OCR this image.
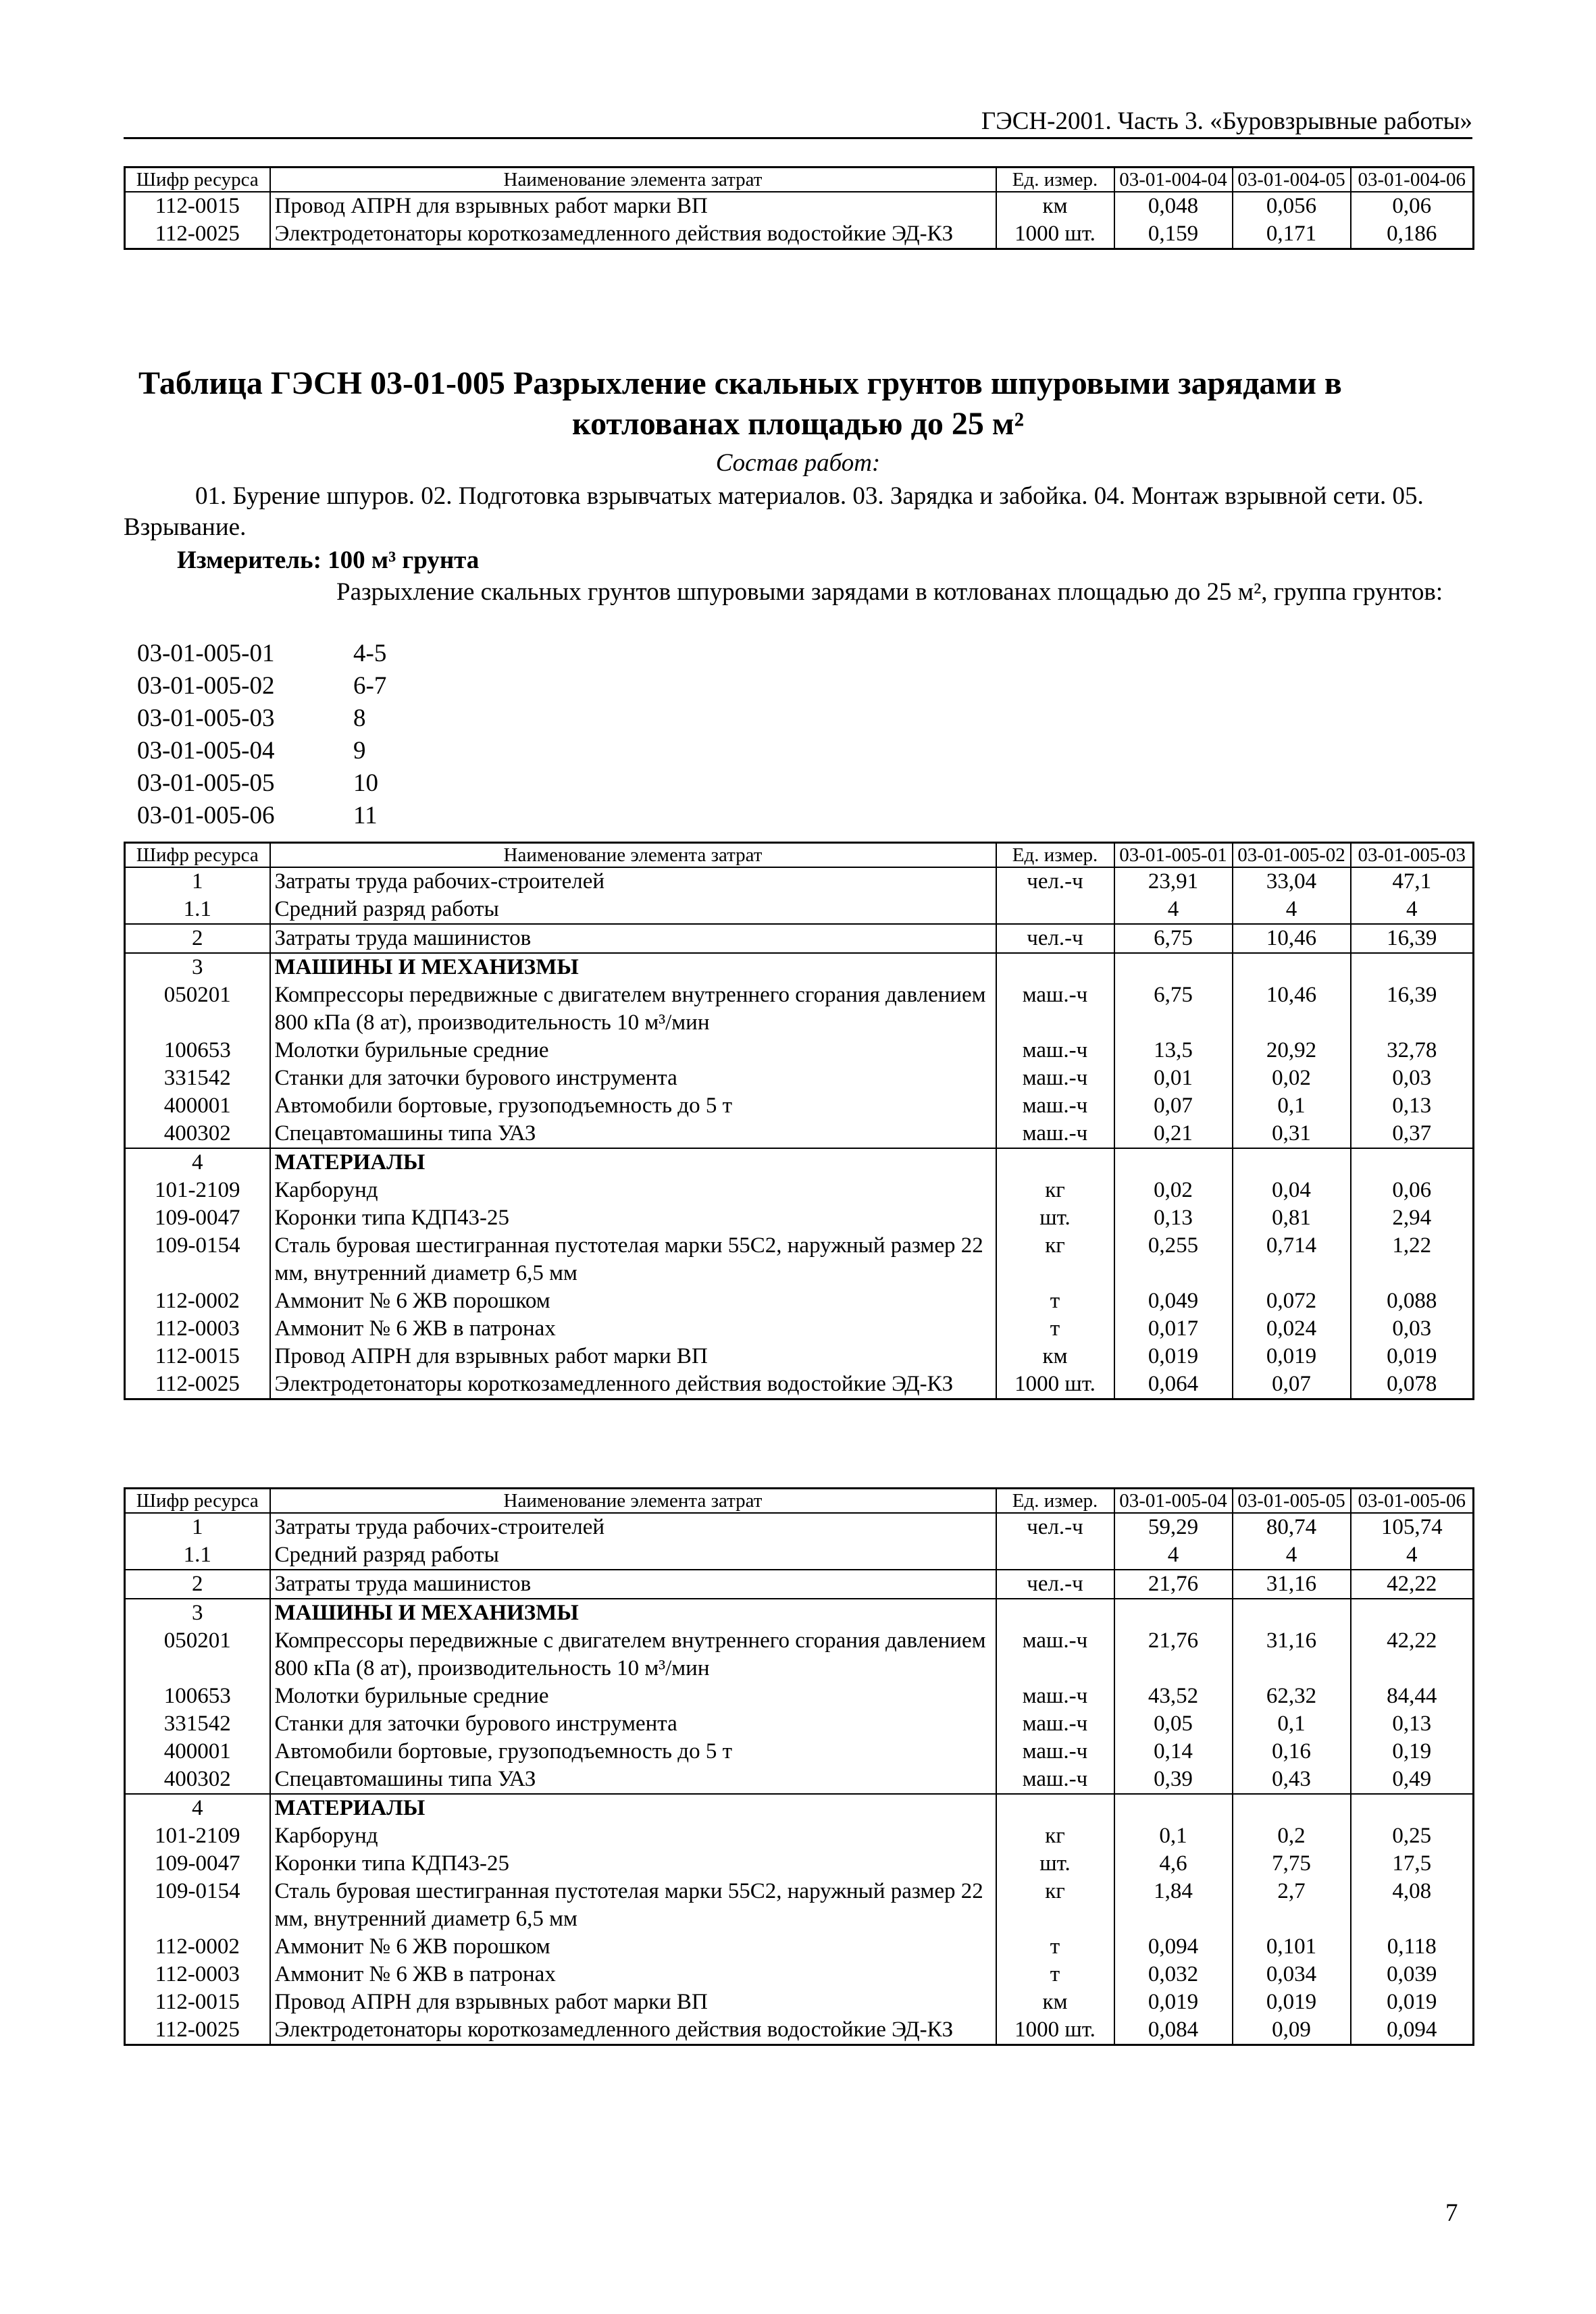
ГЭСН-2001. Часть 3. «Буровзрывные работы»
Шифр ресурса	Наименование элемента затрат	Ед. измер.	03-01-004-04	03-01-004-05	03-01-004-06
112-0015	Провод АПРН для взрывных работ марки ВП	км	0,048	0,056	0,06
112-0025	Электродетонаторы короткозамедленного действия водостойкие ЭД-КЗ	1000 шт.	0,159	0,171	0,186
Таблица ГЭСН 03-01-005 Разрыхление скальных грунтов шпуровыми зарядами в
котлованах площадью до 25 м²
Состав работ:
01. Бурение шпуров. 02. Подготовка взрывчатых материалов. 03. Зарядка и забойка. 04. Монтаж взрывной сети. 05. Взрывание.
Измеритель: 100 м³ грунта
Разрыхление скальных грунтов шпуровыми зарядами в котлованах площадью до 25 м², группа грунтов:
03-01-005-01	4-5
03-01-005-02	6-7
03-01-005-03	8
03-01-005-04	9
03-01-005-05	10
03-01-005-06	11
Шифр ресурса	Наименование элемента затрат	Ед. измер.	03-01-005-01	03-01-005-02	03-01-005-03
1	Затраты труда рабочих-строителей	чел.-ч	23,91	33,04	47,1
1.1	Средний разряд работы		4	4	4
2	Затраты труда машинистов	чел.-ч	6,75	10,46	16,39
3	МАШИНЫ И МЕХАНИЗМЫ				
050201	Компрессоры передвижные с двигателем внутреннего сгорания давлением 800 кПа (8 ат), производительность 10 м³/мин	маш.-ч	6,75	10,46	16,39
100653	Молотки бурильные средние	маш.-ч	13,5	20,92	32,78
331542	Станки для заточки бурового инструмента	маш.-ч	0,01	0,02	0,03
400001	Автомобили бортовые, грузоподъемность до 5 т	маш.-ч	0,07	0,1	0,13
400302	Спецавтомашины типа УАЗ	маш.-ч	0,21	0,31	0,37
4	МАТЕРИАЛЫ				
101-2109	Карборунд	кг	0,02	0,04	0,06
109-0047	Коронки типа КДП43-25	шт.	0,13	0,81	2,94
109-0154	Сталь буровая шестигранная пустотелая марки 55С2, наружный размер 22 мм, внутренний диаметр 6,5 мм	кг	0,255	0,714	1,22
112-0002	Аммонит № 6 ЖВ порошком	т	0,049	0,072	0,088
112-0003	Аммонит № 6 ЖВ в патронах	т	0,017	0,024	0,03
112-0015	Провод АПРН для взрывных работ марки ВП	км	0,019	0,019	0,019
112-0025	Электродетонаторы короткозамедленного действия водостойкие ЭД-КЗ	1000 шт.	0,064	0,07	0,078
Шифр ресурса	Наименование элемента затрат	Ед. измер.	03-01-005-04	03-01-005-05	03-01-005-06
1	Затраты труда рабочих-строителей	чел.-ч	59,29	80,74	105,74
1.1	Средний разряд работы		4	4	4
2	Затраты труда машинистов	чел.-ч	21,76	31,16	42,22
3	МАШИНЫ И МЕХАНИЗМЫ				
050201	Компрессоры передвижные с двигателем внутреннего сгорания давлением 800 кПа (8 ат), производительность 10 м³/мин	маш.-ч	21,76	31,16	42,22
100653	Молотки бурильные средние	маш.-ч	43,52	62,32	84,44
331542	Станки для заточки бурового инструмента	маш.-ч	0,05	0,1	0,13
400001	Автомобили бортовые, грузоподъемность до 5 т	маш.-ч	0,14	0,16	0,19
400302	Спецавтомашины типа УАЗ	маш.-ч	0,39	0,43	0,49
4	МАТЕРИАЛЫ				
101-2109	Карборунд	кг	0,1	0,2	0,25
109-0047	Коронки типа КДП43-25	шт.	4,6	7,75	17,5
109-0154	Сталь буровая шестигранная пустотелая марки 55С2, наружный размер 22 мм, внутренний диаметр 6,5 мм	кг	1,84	2,7	4,08
112-0002	Аммонит № 6 ЖВ порошком	т	0,094	0,101	0,118
112-0003	Аммонит № 6 ЖВ в патронах	т	0,032	0,034	0,039
112-0015	Провод АПРН для взрывных работ марки ВП	км	0,019	0,019	0,019
112-0025	Электродетонаторы короткозамедленного действия водостойкие ЭД-КЗ	1000 шт.	0,084	0,09	0,094
7
